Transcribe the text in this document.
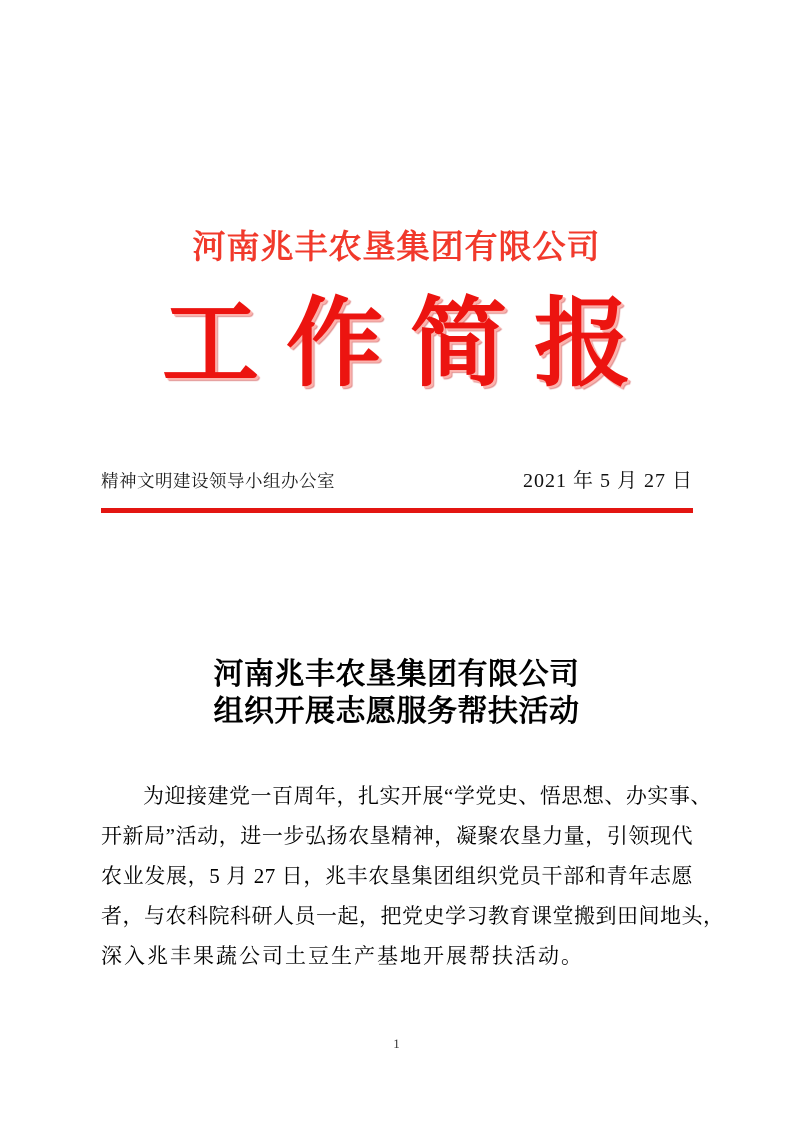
河南兆丰农垦集团有限公司
工作简报
精神文明建设领导小组办公室	2021 年 5 月 27 日
河南兆丰农垦集团有限公司
组织开展志愿服务帮扶活动
为迎接建党一百周年，扎实开展“学党史、悟思想、办实事、
开新局”活动，进一步弘扬农垦精神，凝聚农垦力量，引领现代
农业发展，5 月 27 日，兆丰农垦集团组织党员干部和青年志愿
者，与农科院科研人员一起，把党史学习教育课堂搬到田间地头，
深入兆丰果蔬公司土豆生产基地开展帮扶活动。
1
